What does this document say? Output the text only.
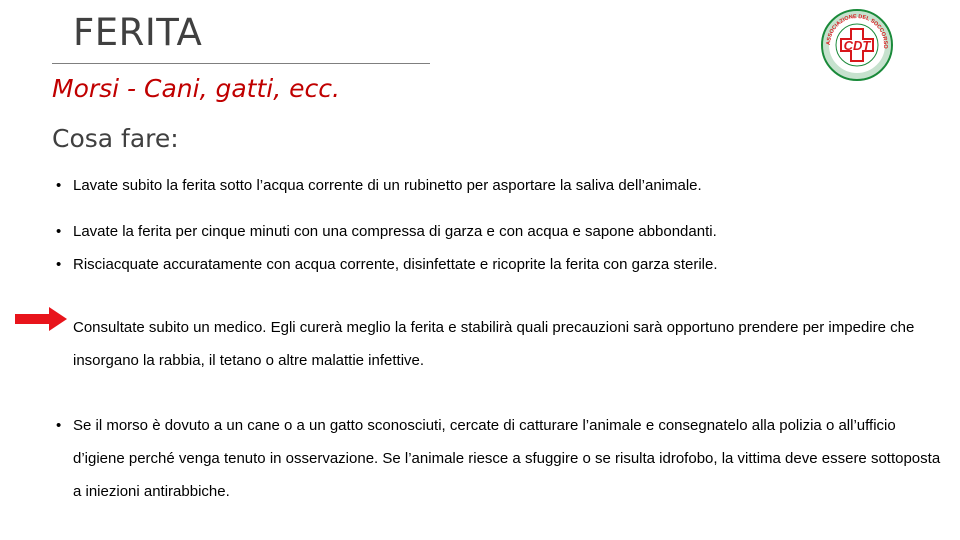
FERITA
Morsi - Cani, gatti, ecc.
Cosa fare:
ASSOCIAZIONE DEL SOCCORSO
CDT
• Lavate subito la ferita sotto l’acqua corrente di un rubinetto per asportare la saliva dell’animale.
• Lavate la ferita per cinque minuti con una compressa di garza e con acqua e sapone abbondanti.
• Risciacquate accuratamente con acqua corrente, disinfettate e ricoprite la ferita con garza sterile.
Consultate subito un medico. Egli curerà meglio la ferita e stabilirà quali precauzioni sarà opportuno prendere per impedire che insorgano la rabbia, il tetano o altre malattie infettive.
• Se il morso è dovuto a un cane o a un gatto sconosciuti, cercate di catturare l’animale e consegnatelo alla polizia o all’ufficio d’igiene perché venga tenuto in osservazione. Se l’animale riesce a sfuggire o se risulta idrofobo, la vittima deve essere sottoposta a iniezioni antirabbiche.
